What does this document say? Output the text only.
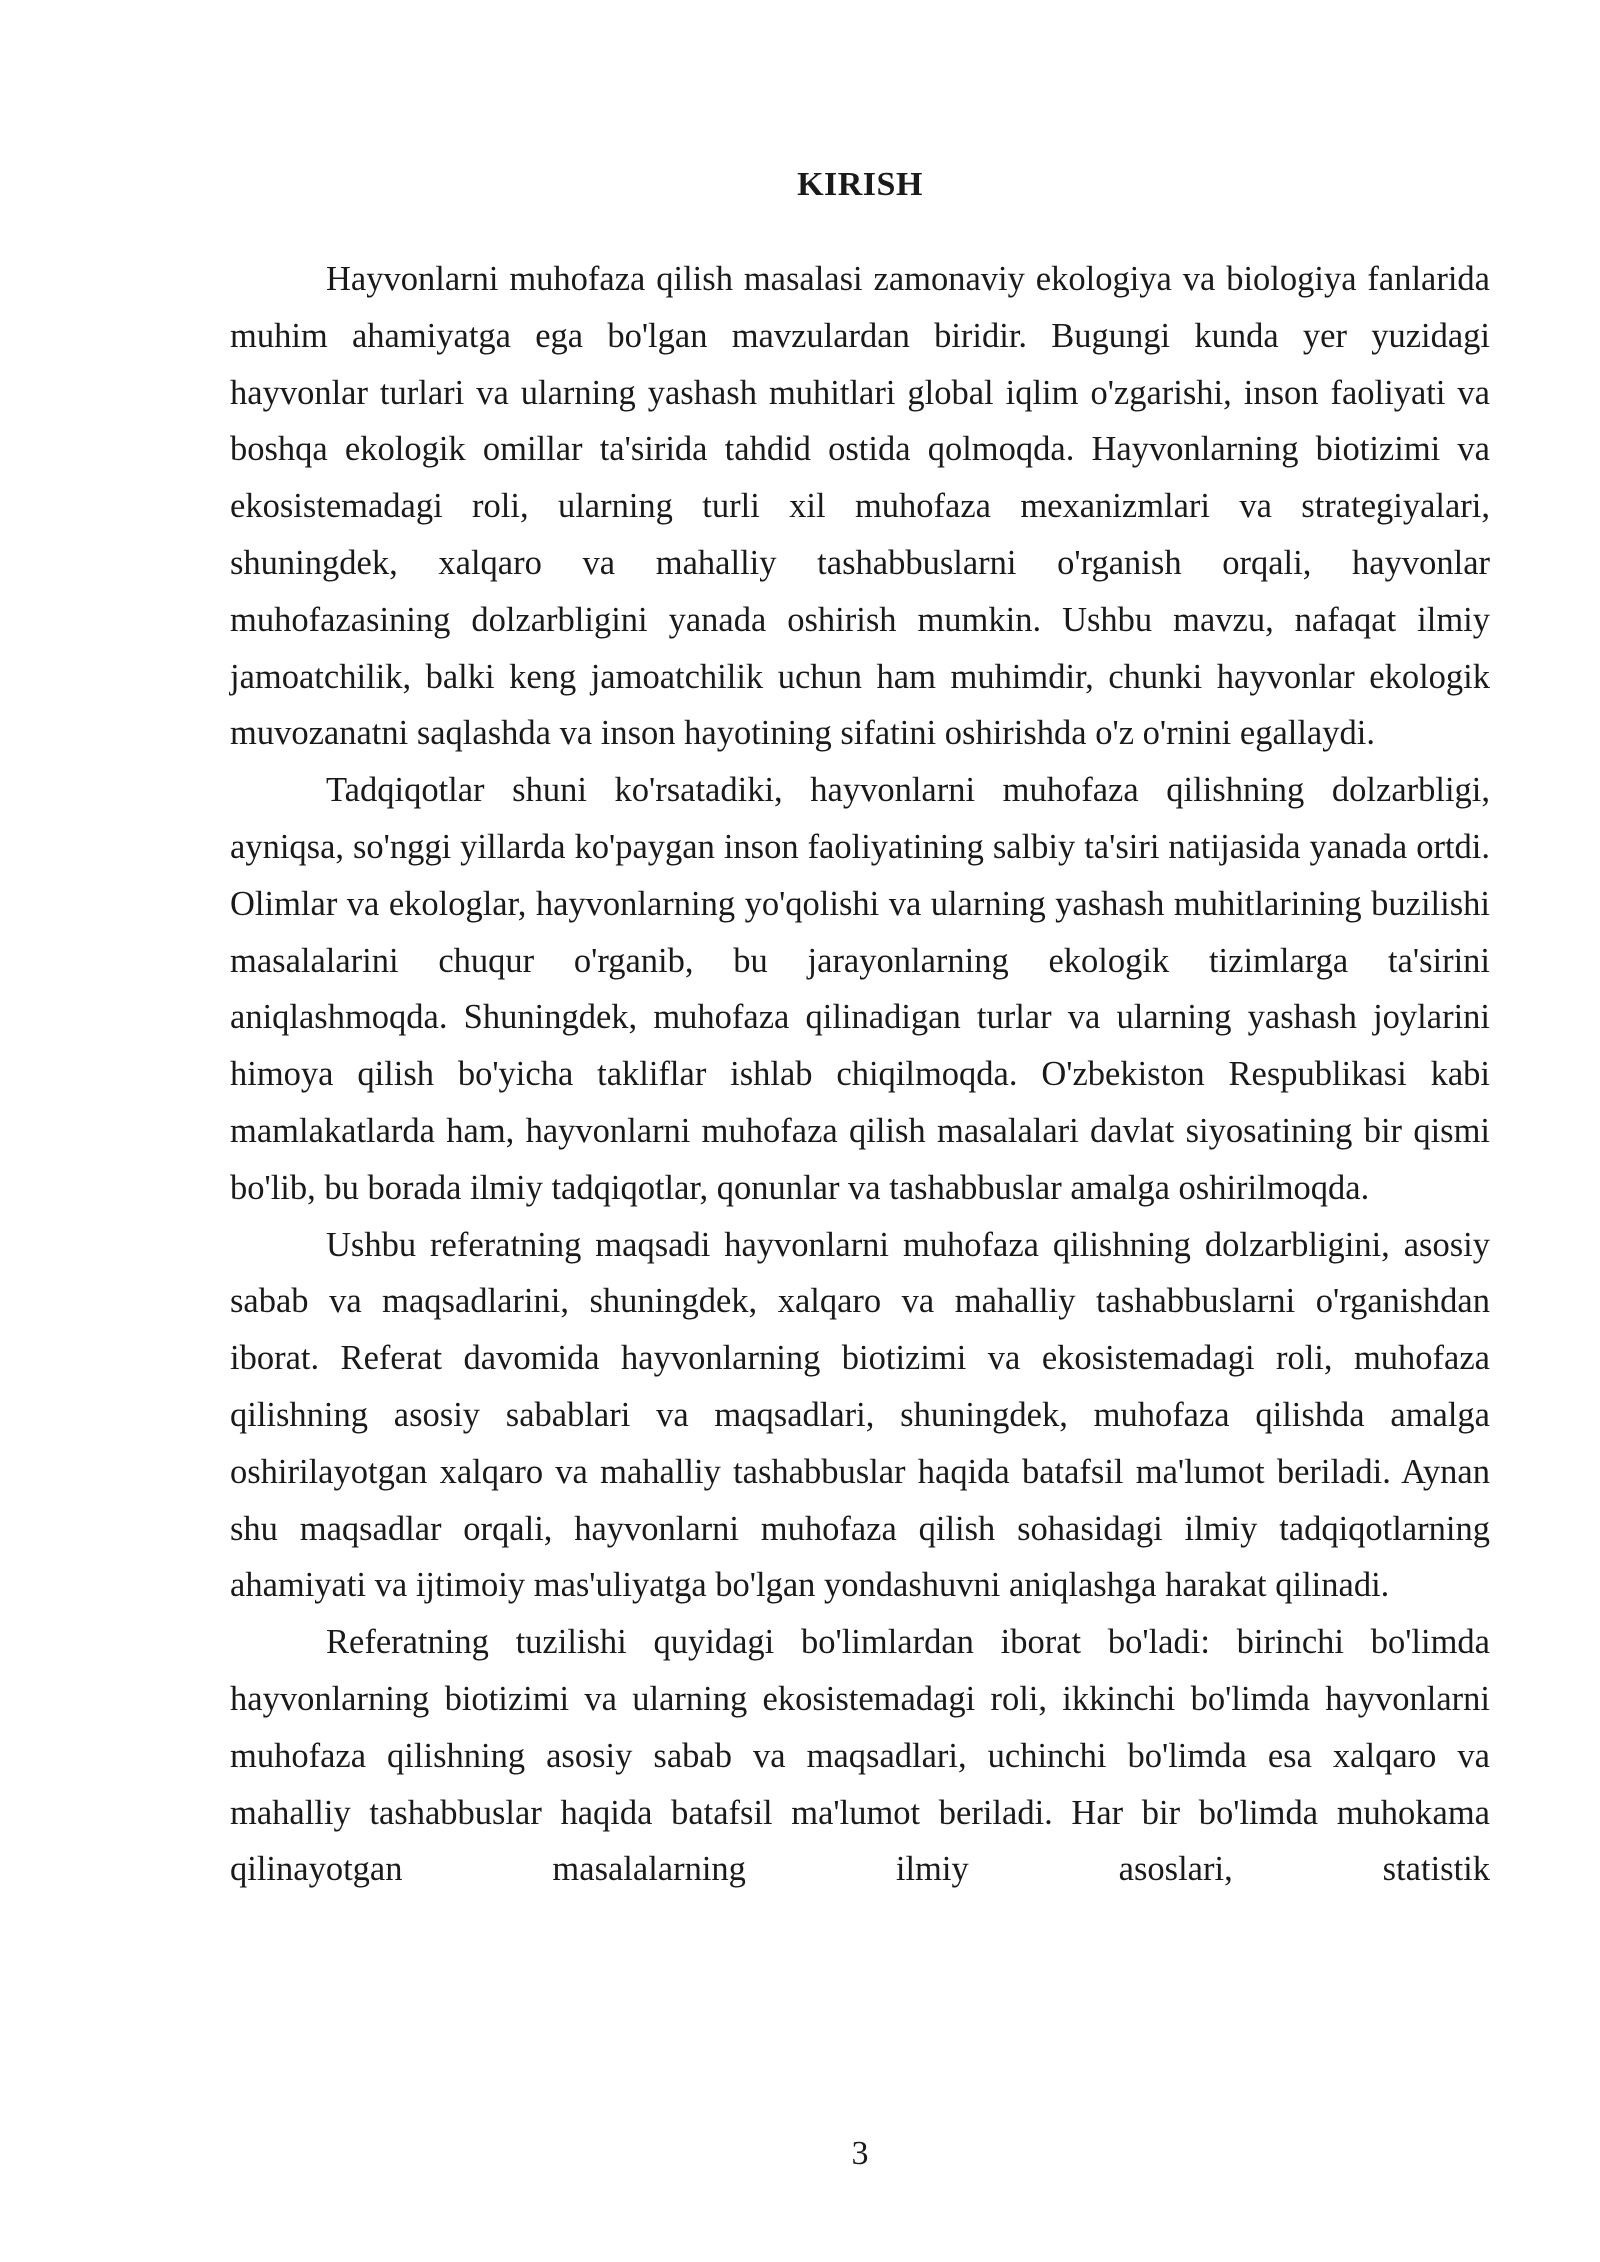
KIRISH

Hayvonlarni muhofaza qilish masalasi zamonaviy ekologiya va biologiya fanlarida muhim ahamiyatga ega bo'lgan mavzulardan biridir. Bugungi kunda yer yuzidagi hayvonlar turlari va ularning yashash muhitlari global iqlim o'zgarishi, inson faoliyati va boshqa ekologik omillar ta'sirida tahdid ostida qolmoqda. Hayvonlarning biotizimi va ekosistemadagi roli, ularning turli xil muhofaza mexanizmlari va strategiyalari, shuningdek, xalqaro va mahalliy tashabbuslarni o'rganish orqali, hayvonlar muhofazasining dolzarbligini yanada oshirish mumkin. Ushbu mavzu, nafaqat ilmiy jamoatchilik, balki keng jamoatchilik uchun ham muhimdir, chunki hayvonlar ekologik muvozanatni saqlashda va inson hayotining sifatini oshirishda o'z o'rnini egallaydi.

Tadqiqotlar shuni ko'rsatadiki, hayvonlarni muhofaza qilishning dolzarbligi, ayniqsa, so'nggi yillarda ko'paygan inson faoliyatining salbiy ta'siri natijasida yanada ortdi. Olimlar va ekologlar, hayvonlarning yo'qolishi va ularning yashash muhitlarining buzilishi masalalarini chuqur o'rganib, bu jarayonlarning ekologik tizimlarga ta'sirini aniqlashmoqda. Shuningdek, muhofaza qilinadigan turlar va ularning yashash joylarini himoya qilish bo'yicha takliflar ishlab chiqilmoqda. O'zbekiston Respublikasi kabi mamlakatlarda ham, hayvonlarni muhofaza qilish masalalari davlat siyosatining bir qismi bo'lib, bu borada ilmiy tadqiqotlar, qonunlar va tashabbuslar amalga oshirilmoqda.

Ushbu referatning maqsadi hayvonlarni muhofaza qilishning dolzarbligini, asosiy sabab va maqsadlarini, shuningdek, xalqaro va mahalliy tashabbuslarni o'rganishdan iborat. Referat davomida hayvonlarning biotizimi va ekosistemadagi roli, muhofaza qilishning asosiy sabablari va maqsadlari, shuningdek, muhofaza qilishda amalga oshirilayotgan xalqaro va mahalliy tashabbuslar haqida batafsil ma'lumot beriladi. Aynan shu maqsadlar orqali, hayvonlarni muhofaza qilish sohasidagi ilmiy tadqiqotlarning ahamiyati va ijtimoiy mas'uliyatga bo'lgan yondashuvni aniqlashga harakat qilinadi.

Referatning tuzilishi quyidagi bo'limlardan iborat bo'ladi: birinchi bo'limda hayvonlarning biotizimi va ularning ekosistemadagi roli, ikkinchi bo'limda hayvonlarni muhofaza qilishning asosiy sabab va maqsadlari, uchinchi bo'limda esa xalqaro va mahalliy tashabbuslar haqida batafsil ma'lumot beriladi. Har bir bo'limda muhokama qilinayotgan masalalarning ilmiy asoslari, statistik

3
